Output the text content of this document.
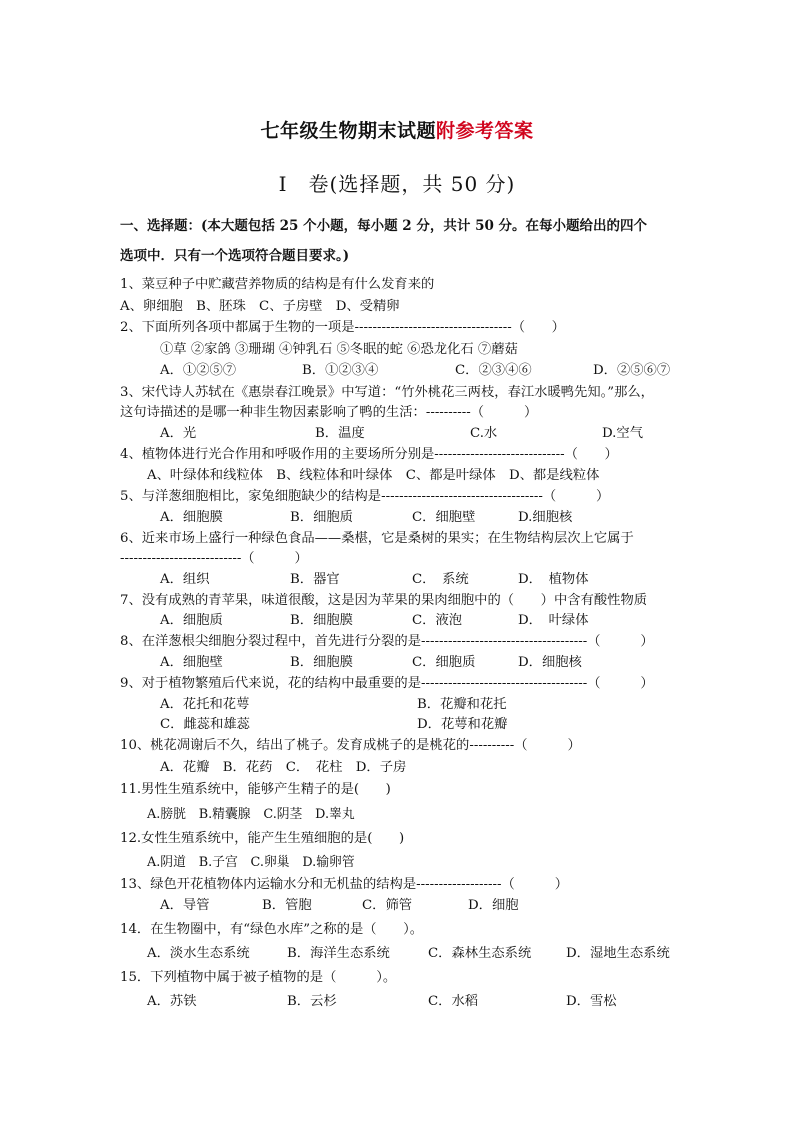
七年级生物期末试题附参考答案
Ⅰ　卷(选择题，共 50 分)
一、选择题：(本大题包括 25 个小题，每小题 2 分，共计 50 分。在每小题给出的四个
选项中．只有一个选项符合题目要求。)
1、菜豆种子中贮藏营养物质的结构是有什么发育来的
A、卵细胞　B、胚珠　C、子房壁　D、受精卵
2、下面所列各项中都属于生物的一项是-----------------------------------（　　）
①草 ②家鸽 ③珊瑚 ④钟乳石 ⑤冬眠的蛇 ⑥恐龙化石 ⑦蘑菇
A．①②⑤⑦	B．①②③④	C．②③④⑥	D．②⑤⑥⑦
3、宋代诗人苏轼在《惠崇春江晚景》中写道：“竹外桃花三两枝，春江水暖鸭先知。”那么，
这句诗描述的是哪一种非生物因素影响了鸭的生活：----------（　　　）
A．光	B．温度	C.水	D.空气
4、植物体进行光合作用和呼吸作用的主要场所分别是-----------------------------（　　）
A、叶绿体和线粒体　B、线粒体和叶绿体　C、都是叶绿体　D、都是线粒体
5、与洋葱细胞相比，家兔细胞缺少的结构是------------------------------------（　　　）
A．细胞膜	B．细胞质	C．细胞壁	D.细胞核
6、近来市场上盛行一种绿色食品——桑椹，它是桑树的果实；在生物结构层次上它属于
---------------------------（　　　）
A．组织	B．器官	C．　系统	D．　植物体
7、没有成熟的青苹果，味道很酸，这是因为苹果的果肉细胞中的（　　）中含有酸性物质
A．细胞质	B．细胞膜	C．液泡	D．　叶绿体
8、在洋葱根尖细胞分裂过程中，首先进行分裂的是-------------------------------------（　　　）
A．细胞壁	B．细胞膜	C．细胞质	D．细胞核
9、对于植物繁殖后代来说，花的结构中最重要的是-------------------------------------（　　　）
A．花托和花萼	B．花瓣和花托
C．雌蕊和雄蕊	D．花萼和花瓣
10、桃花凋谢后不久，结出了桃子。发育成桃子的是桃花的----------（　　　）
A．花瓣　B．花药　C．　花柱　D．子房
11.男性生殖系统中，能够产生精子的是(　　)
A.膀胱　B.精囊腺　C.阴茎　D.睾丸
12.女性生殖系统中，能产生生殖细胞的是(　　)
A.阴道　B.子宫　C.卵巢　D.输卵管
13、绿色开花植物体内运输水分和无机盐的结构是-------------------（　　　）
A．导管	B．管胞	C．筛管	D．细胞
14．在生物圈中，有“绿色水库”之称的是（　　）。
A．淡水生态系统	B．海洋生态系统	C．森林生态系统	D．湿地生态系统
15．下列植物中属于被子植物的是（　　　）。
A．苏铁	B．云杉	C．水稻	D．雪松
